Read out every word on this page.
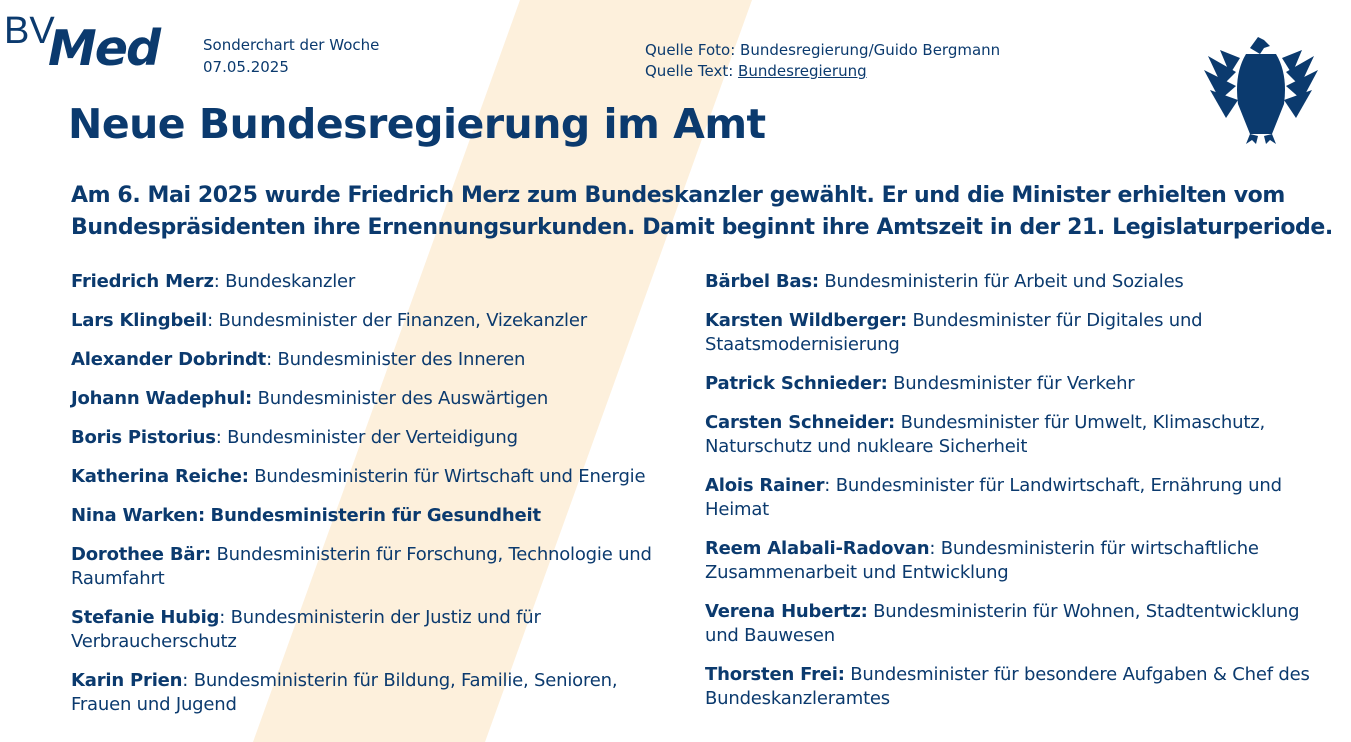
BV
Med	Sonderchart der Woche
07.05.2025
Quelle Foto: Bundesregierung/Guido Bergmann
Quelle Text: Bundesregierung
Neue Bundesregierung im Amt
Am 6. Mai 2025 wurde Friedrich Merz zum Bundeskanzler gewählt. Er und die Minister erhielten vom Bundespräsidenten ihre Ernennungsurkunden. Damit beginnt ihre Amtszeit in der 21. Legislaturperiode.

Friedrich Merz: Bundeskanzler

Lars Klingbeil: Bundesminister der Finanzen, Vizekanzler

Alexander Dobrindt: Bundesminister des Inneren

Johann Wadephul: Bundesminister des Auswärtigen

Boris Pistorius: Bundesminister der Verteidigung

Katherina Reiche: Bundesministerin für Wirtschaft und Energie

Nina Warken: Bundesministerin für Gesundheit

Dorothee Bär: Bundesministerin für Forschung, Technologie und Raumfahrt

Stefanie Hubig: Bundesministerin der Justiz und für Verbraucherschutz

Karin Prien: Bundesministerin für Bildung, Familie, Senioren, Frauen und Jugend

Bärbel Bas: Bundesministerin für Arbeit und Soziales

Karsten Wildberger: Bundesminister für Digitales und Staatsmodernisierung

Patrick Schnieder: Bundesminister für Verkehr

Carsten Schneider: Bundesminister für Umwelt, Klimaschutz, Naturschutz und nukleare Sicherheit

Alois Rainer: Bundesminister für Landwirtschaft, Ernährung und Heimat

Reem Alabali-Radovan: Bundesministerin für wirtschaftliche Zusammenarbeit und Entwicklung

Verena Hubertz: Bundesministerin für Wohnen, Stadtentwicklung und Bauwesen

Thorsten Frei: Bundesminister für besondere Aufgaben & Chef des Bundeskanzleramtes
